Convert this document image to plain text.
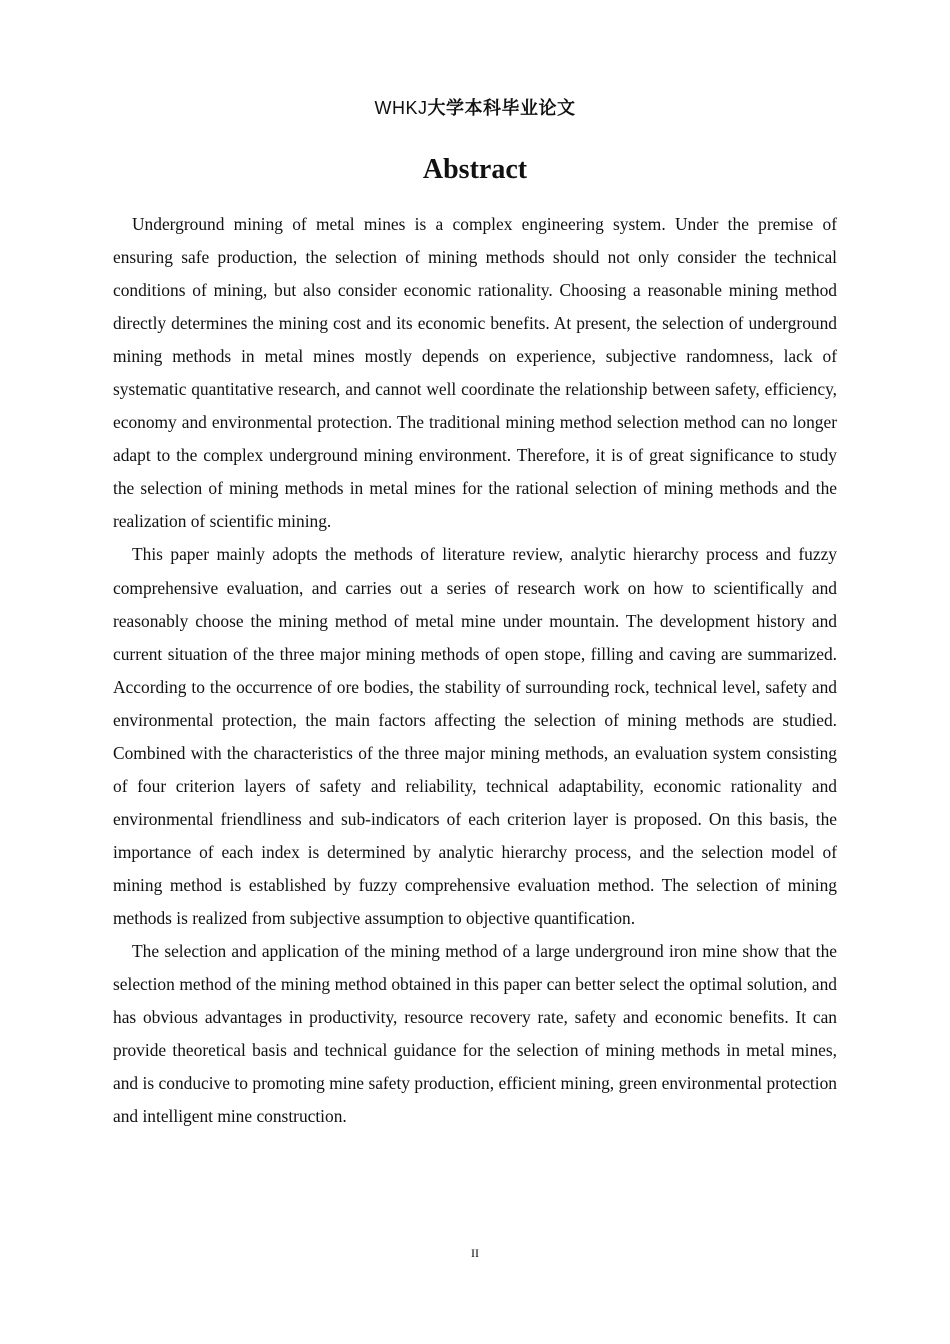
WHKJ大学本科毕业论文
Abstract

Underground mining of metal mines is a complex engineering system. Under the premise of ensuring safe production, the selection of mining methods should not only consider the technical conditions of mining, but also consider economic rationality. Choosing a reasonable mining method directly determines the mining cost and its economic benefits. At present, the selection of underground mining methods in metal mines mostly depends on experience, subjective randomness, lack of systematic quantitative research, and cannot well coordinate the relationship between safety, efficiency, economy and environmental protection. The traditional mining method selection method can no longer adapt to the complex underground mining environment. Therefore, it is of great significance to study the selection of mining methods in metal mines for the rational selection of mining methods and the realization of scientific mining.

This paper mainly adopts the methods of literature review, analytic hierarchy process and fuzzy comprehensive evaluation, and carries out a series of research work on how to scientifically and reasonably choose the mining method of metal mine under mountain. The development history and current situation of the three major mining methods of open stope, filling and caving are summarized. According to the occurrence of ore bodies, the stability of surrounding rock, technical level, safety and environmental protection, the main factors affecting the selection of mining methods are studied. Combined with the characteristics of the three major mining methods, an evaluation system consisting of four criterion layers of safety and reliability, technical adaptability, economic rationality and environmental friendliness and sub-indicators of each criterion layer is proposed. On this basis, the importance of each index is determined by analytic hierarchy process, and the selection model of mining method is established by fuzzy comprehensive evaluation method. The selection of mining methods is realized from subjective assumption to objective quantification.

The selection and application of the mining method of a large underground iron mine show that the selection method of the mining method obtained in this paper can better select the optimal solution, and has obvious advantages in productivity, resource recovery rate, safety and economic benefits. It can provide theoretical basis and technical guidance for the selection of mining methods in metal mines, and is conducive to promoting mine safety production, efficient mining, green environmental protection and intelligent mine construction.

II
